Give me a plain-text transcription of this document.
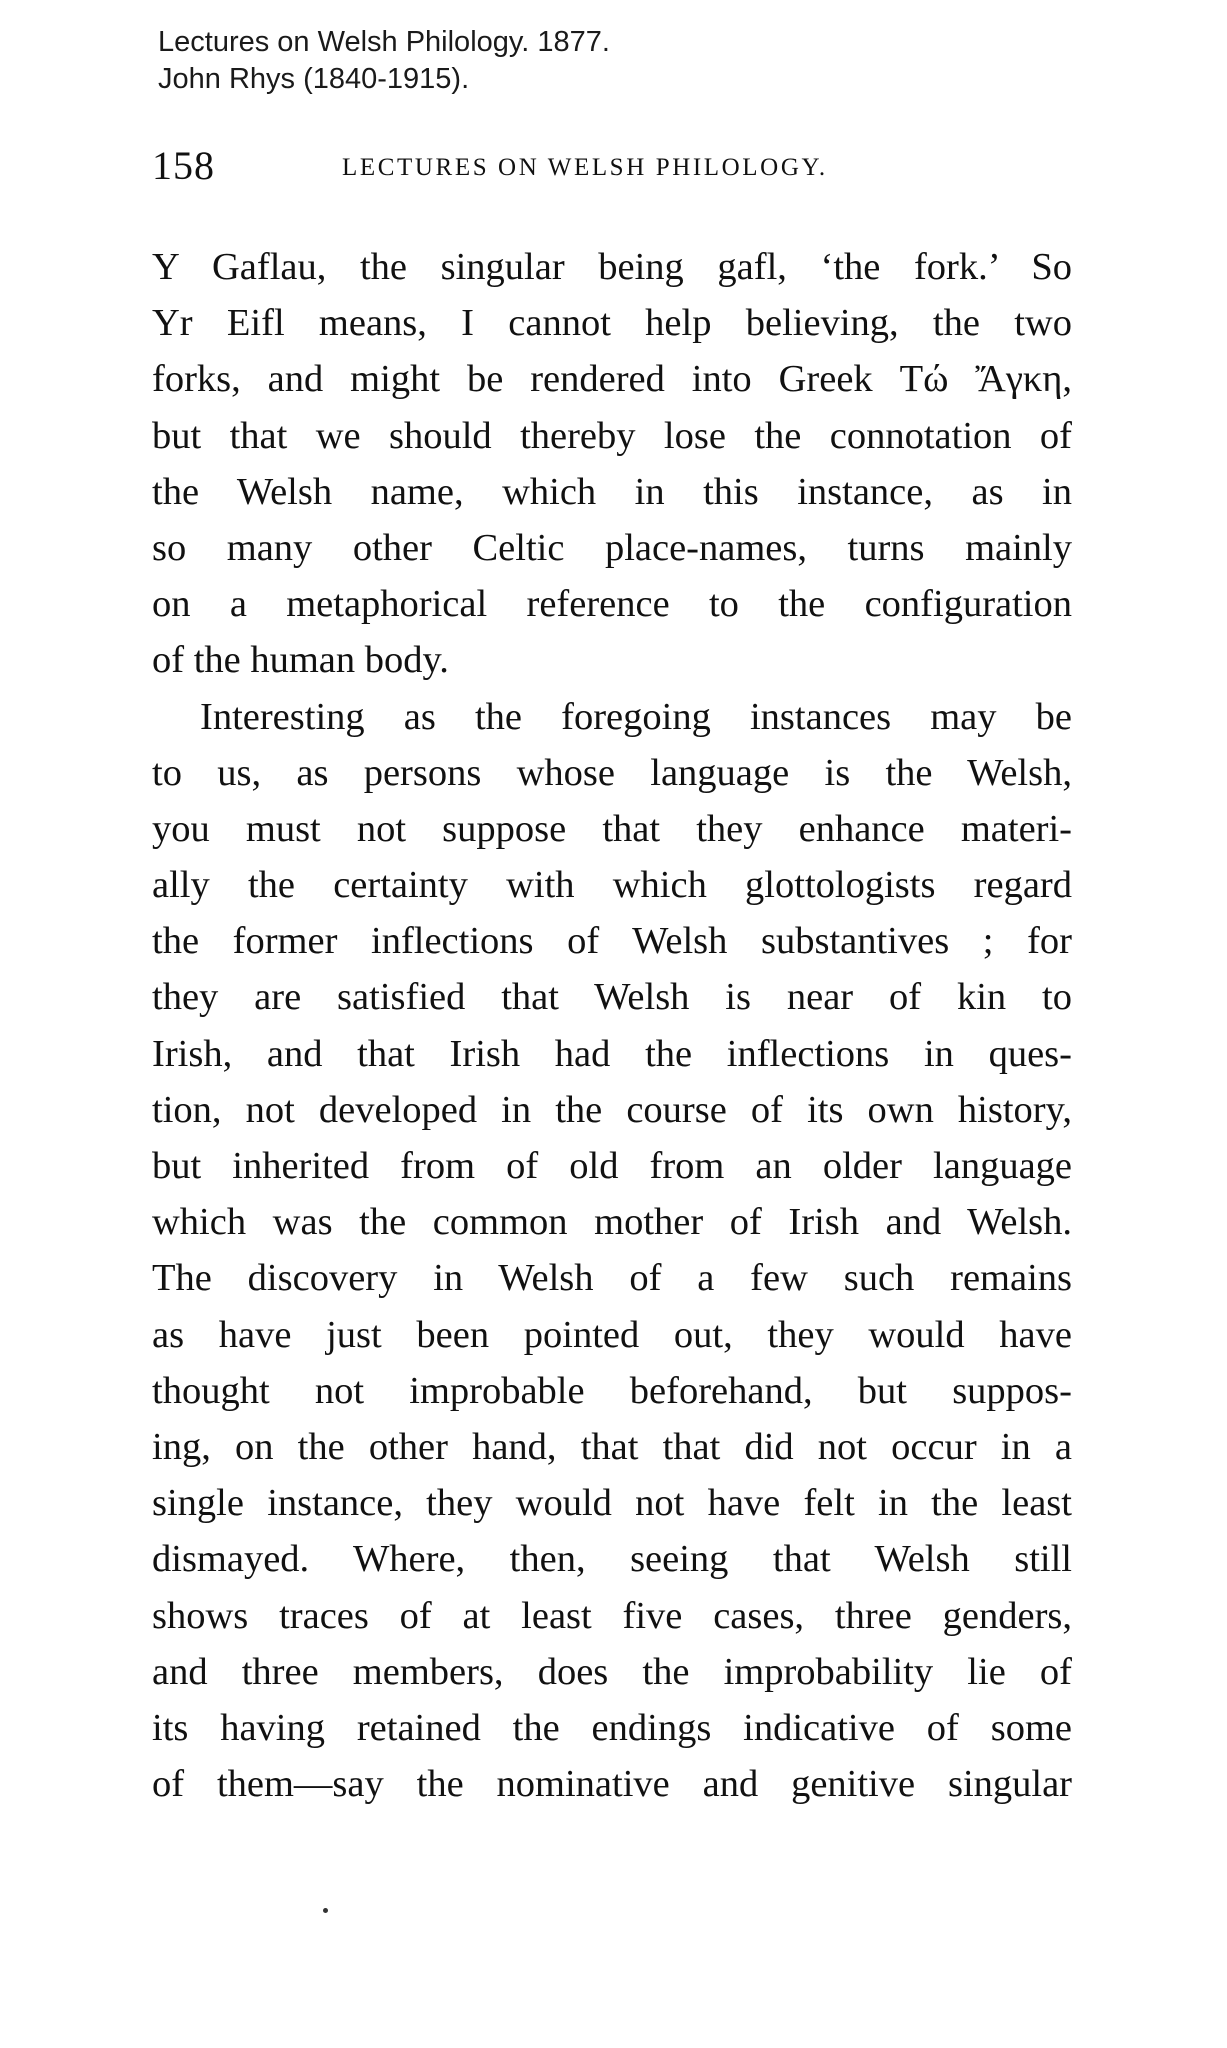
Lectures on Welsh Philology. 1877.
John Rhys (1840-1915).
158	LECTURES ON WELSH PHILOLOGY.
Y Gaflau, the singular being gafl, ‘the fork.’ So
Yr Eifl means, I cannot help believing, the two
forks, and might be rendered into Greek Τώ Ἄγκη,
but that we should thereby lose the connotation of
the Welsh name, which in this instance, as in
so many other Celtic place-names, turns mainly
on a metaphorical reference to the configuration
of the human body.
Interesting as the foregoing instances may be
to us, as persons whose language is the Welsh,
you must not suppose that they enhance materi-
ally the certainty with which glottologists regard
the former inflections of Welsh substantives ; for
they are satisfied that Welsh is near of kin to
Irish, and that Irish had the inflections in ques-
tion, not developed in the course of its own history,
but inherited from of old from an older language
which was the common mother of Irish and Welsh.
The discovery in Welsh of a few such remains
as have just been pointed out, they would have
thought not improbable beforehand, but suppos-
ing, on the other hand, that that did not occur in a
single instance, they would not have felt in the least
dismayed. Where, then, seeing that Welsh still
shows traces of at least five cases, three genders,
and three members, does the improbability lie of
its having retained the endings indicative of some
of them—say the nominative and genitive singular
